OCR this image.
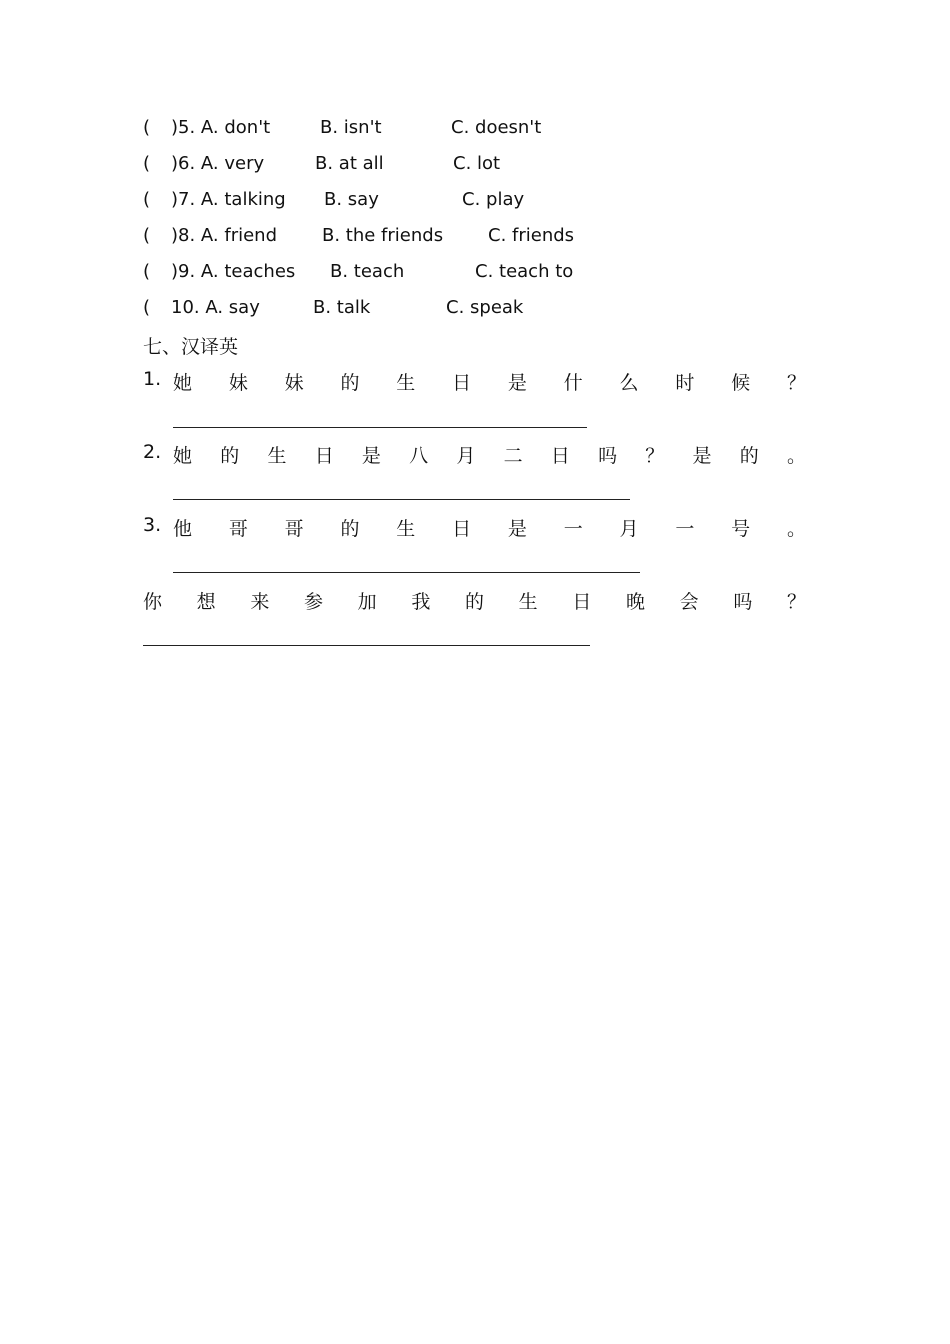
( )5. A. don't	B. isn't	C. doesn't
( )6. A. very	B. at all	C. lot
( )7. A. talking B. say	C. play
( )8. A. friend B. the friends C. friends
( )9. A. teaches B. teach	C. teach to
( 10. A. say	B. talk	C. speak
七、汉译英
1. 她 妹 妹 的 生 日 是 什 么 时 候 ？
2. 她 的 生 日 是 八 月 二 日 吗 ？ 是 的 。
3. 他 哥 哥 的 生 日 是 一 月 一 号 。
你 想 来 参 加 我 的 生 日 晚 会 吗 ？
